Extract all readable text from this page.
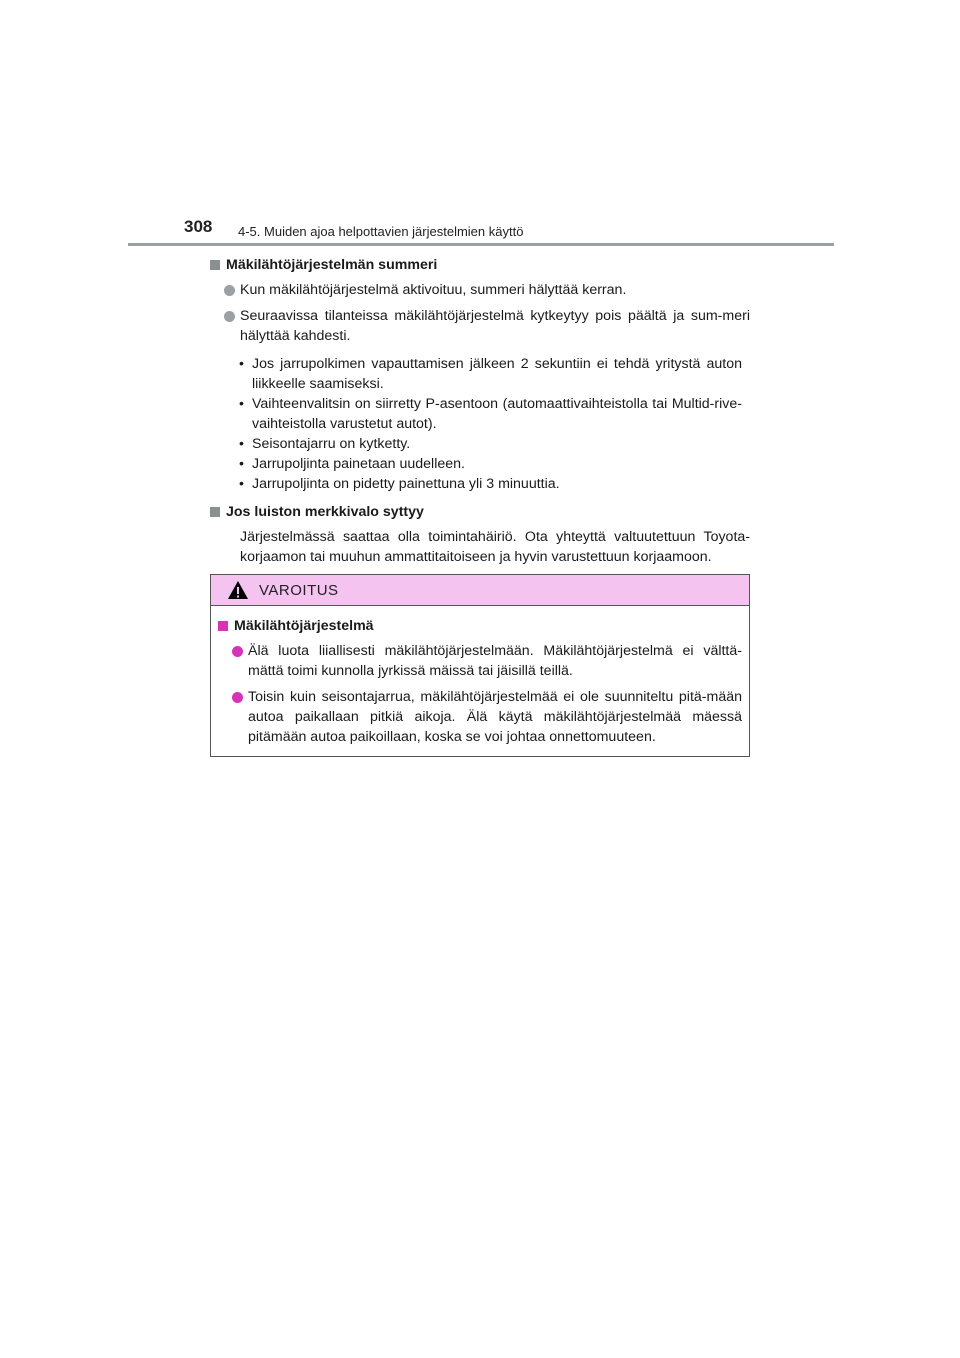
308 4-5. Muiden ajoa helpottavien järjestelmien käyttö
Mäkilähtöjärjestelmän summeri
Kun mäkilähtöjärjestelmä aktivoituu, summeri hälyttää kerran.
Seuraavissa tilanteissa mäkilähtöjärjestelmä kytkeytyy pois päältä ja sum-meri hälyttää kahdesti.
• Jos jarrupolkimen vapauttamisen jälkeen 2 sekuntiin ei tehdä yritystä auton liikkeelle saamiseksi.
• Vaihteenvalitsin on siirretty P-asentoon (automaattivaihteistolla tai Multid-rive-vaihteistolla varustetut autot).
• Seisontajarru on kytketty.
• Jarrupoljinta painetaan uudelleen.
• Jarrupoljinta on pidetty painettuna yli 3 minuuttia.
Jos luiston merkkivalo syttyy

Järjestelmässä saattaa olla toimintahäiriö. Ota yhteyttä valtuutettuun Toyota-korjaamon tai muuhun ammattitaitoiseen ja hyvin varustettuun korjaamoon.

VAROITUS
Mäkilähtöjärjestelmä
Älä luota liiallisesti mäkilähtöjärjestelmään. Mäkilähtöjärjestelmä ei välttä-mättä toimi kunnolla jyrkissä mäissä tai jäisillä teillä.
Toisin kuin seisontajarrua, mäkilähtöjärjestelmää ei ole suunniteltu pitä-mään autoa paikallaan pitkiä aikoja. Älä käytä mäkilähtöjärjestelmää mäessä pitämään autoa paikoillaan, koska se voi johtaa onnettomuuteen.
